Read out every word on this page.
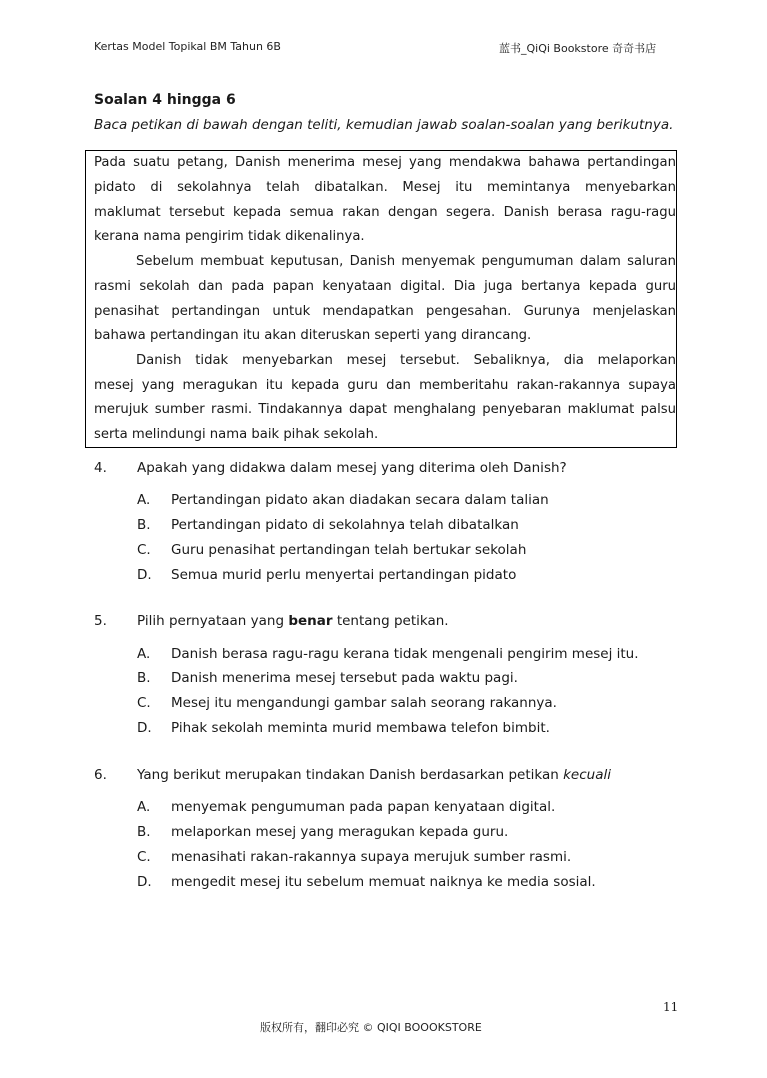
Kertas Model Topikal BM Tahun 6B	蓝书_QiQi Bookstore 奇奇书店
Soalan 4 hingga 6
Baca petikan di bawah dengan teliti, kemudian jawab soalan-soalan yang berikutnya.
Pada suatu petang, Danish menerima mesej yang mendakwa bahawa pertandingan
pidato di sekolahnya telah dibatalkan. Mesej itu memintanya menyebarkan
maklumat tersebut kepada semua rakan dengan segera. Danish berasa ragu-ragu
kerana nama pengirim tidak dikenalinya.
Sebelum membuat keputusan, Danish menyemak pengumuman dalam saluran
rasmi sekolah dan pada papan kenyataan digital. Dia juga bertanya kepada guru
penasihat pertandingan untuk mendapatkan pengesahan. Gurunya menjelaskan
bahawa pertandingan itu akan diteruskan seperti yang dirancang.
Danish tidak menyebarkan mesej tersebut. Sebaliknya, dia melaporkan
mesej yang meragukan itu kepada guru dan memberitahu rakan-rakannya supaya
merujuk sumber rasmi. Tindakannya dapat menghalang penyebaran maklumat palsu
serta melindungi nama baik pihak sekolah.
4. Apakah yang didakwa dalam mesej yang diterima oleh Danish?
A. Pertandingan pidato akan diadakan secara dalam talian
B. Pertandingan pidato di sekolahnya telah dibatalkan
C. Guru penasihat pertandingan telah bertukar sekolah
D. Semua murid perlu menyertai pertandingan pidato
5. Pilih pernyataan yang benar tentang petikan.
A. Danish berasa ragu-ragu kerana tidak mengenali pengirim mesej itu.
B. Danish menerima mesej tersebut pada waktu pagi.
C. Mesej itu mengandungi gambar salah seorang rakannya.
D. Pihak sekolah meminta murid membawa telefon bimbit.
6. Yang berikut merupakan tindakan Danish berdasarkan petikan kecuali
A. menyemak pengumuman pada papan kenyataan digital.
B. melaporkan mesej yang meragukan kepada guru.
C. menasihati rakan-rakannya supaya merujuk sumber rasmi.
D. mengedit mesej itu sebelum memuat naiknya ke media sosial.
11
版权所有，翻印必究 © QIQI BOOOKSTORE
